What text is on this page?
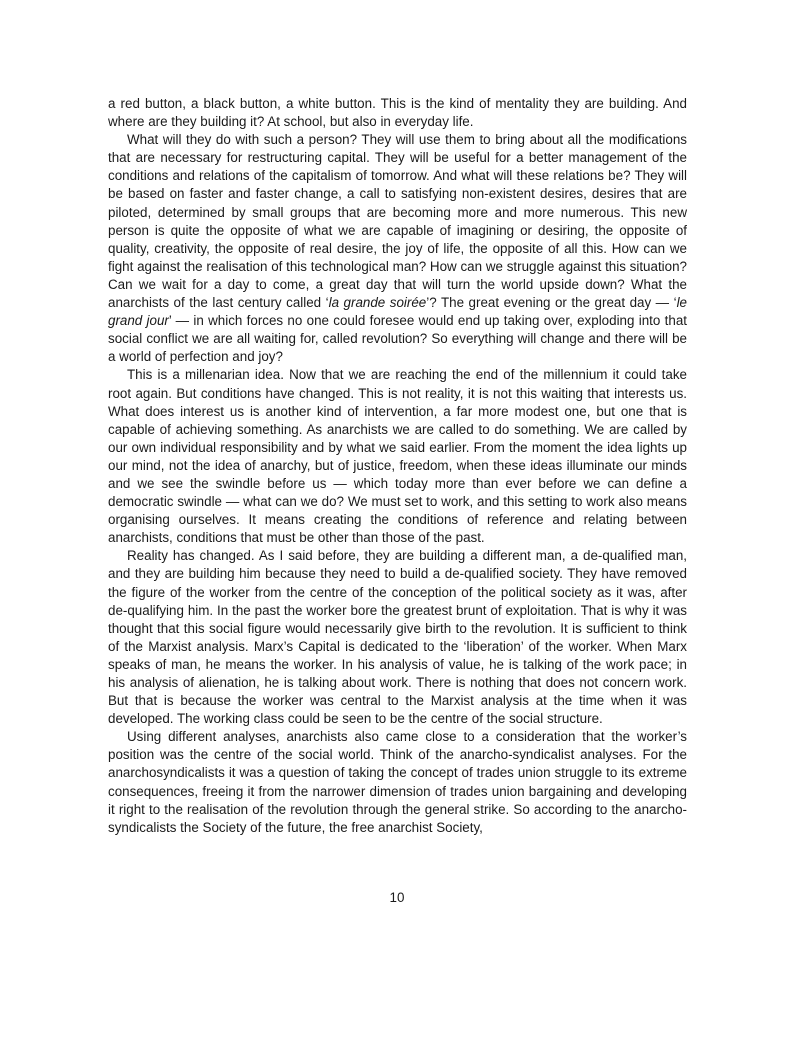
a red button, a black button, a white button. This is the kind of mentality they are building. And where are they building it? At school, but also in everyday life.

What will they do with such a person? They will use them to bring about all the modifications that are necessary for restructuring capital. They will be useful for a better management of the conditions and relations of the capitalism of tomorrow. And what will these relations be? They will be based on faster and faster change, a call to satisfying non-existent desires, desires that are piloted, determined by small groups that are becoming more and more numerous. This new person is quite the opposite of what we are capable of imagining or desiring, the opposite of quality, creativity, the opposite of real desire, the joy of life, the opposite of all this. How can we fight against the realisation of this technological man? How can we struggle against this situation? Can we wait for a day to come, a great day that will turn the world upside down? What the anarchists of the last century called ‘la grande soirée’? The great evening or the great day — ‘le grand jour’ — in which forces no one could foresee would end up taking over, exploding into that social conflict we are all waiting for, called revolution? So everything will change and there will be a world of perfection and joy?

This is a millenarian idea. Now that we are reaching the end of the millennium it could take root again. But conditions have changed. This is not reality, it is not this waiting that interests us. What does interest us is another kind of intervention, a far more modest one, but one that is capable of achieving something. As anarchists we are called to do something. We are called by our own individual responsibility and by what we said earlier. From the moment the idea lights up our mind, not the idea of anarchy, but of justice, freedom, when these ideas illuminate our minds and we see the swindle before us — which today more than ever before we can define a democratic swindle — what can we do? We must set to work, and this setting to work also means organising ourselves. It means creating the conditions of reference and relating between anarchists, conditions that must be other than those of the past.

Reality has changed. As I said before, they are building a different man, a de-qualified man, and they are building him because they need to build a de-qualified society. They have removed the figure of the worker from the centre of the conception of the political society as it was, after de-qualifying him. In the past the worker bore the greatest brunt of exploitation. That is why it was thought that this social figure would necessarily give birth to the revolution. It is sufficient to think of the Marxist analysis. Marx’s Capital is dedicated to the ‘liberation’ of the worker. When Marx speaks of man, he means the worker. In his analysis of value, he is talking of the work pace; in his analysis of alienation, he is talking about work. There is nothing that does not concern work. But that is because the worker was central to the Marxist analysis at the time when it was developed. The working class could be seen to be the centre of the social structure.

Using different analyses, anarchists also came close to a consideration that the worker’s position was the centre of the social world. Think of the anarcho-syndicalist analyses. For the anarchosyndicalists it was a question of taking the concept of trades union struggle to its extreme consequences, freeing it from the narrower dimension of trades union bargaining and developing it right to the realisation of the revolution through the general strike. So according to the anarcho-syndicalists the Society of the future, the free anarchist Society,

10
